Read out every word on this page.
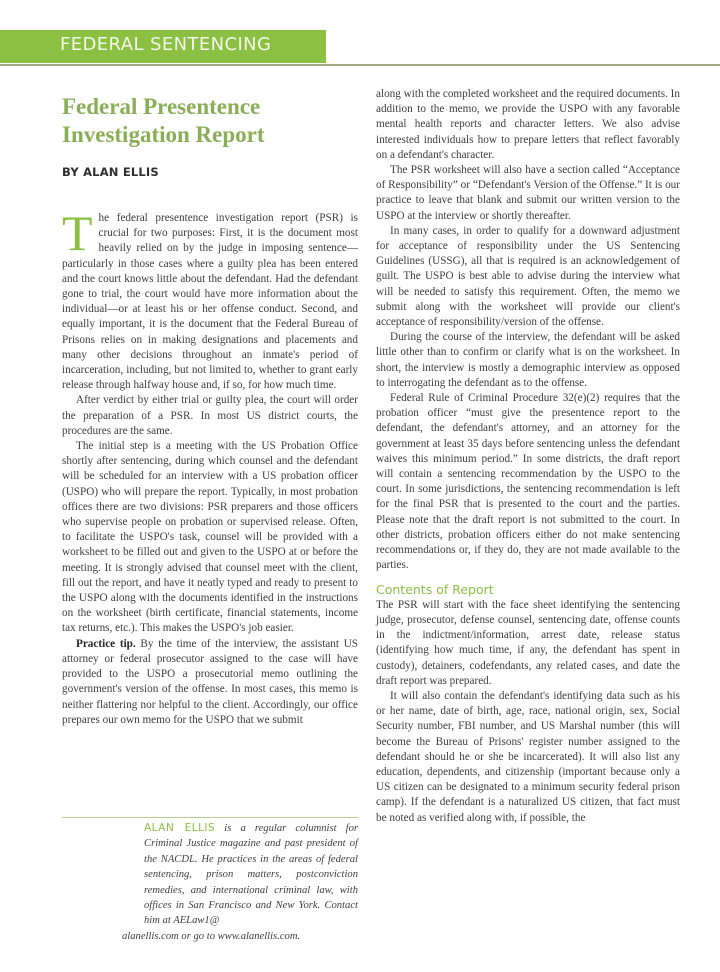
FEDERAL SENTENCING
Federal Presentence Investigation Report
BY ALAN ELLIS

The federal presentence investigation report (PSR) is crucial for two purposes: First, it is the document most heavily relied on by the judge in imposing sentence—particularly in those cases where a guilty plea has been entered and the court knows little about the defendant. Had the defendant gone to trial, the court would have more information about the individual—or at least his or her offense conduct. Second, and equally important, it is the document that the Federal Bureau of Prisons relies on in making designations and placements and many other decisions throughout an inmate's period of incarceration, including, but not limited to, whether to grant early release through halfway house and, if so, for how much time.

After verdict by either trial or guilty plea, the court will order the preparation of a PSR. In most US district courts, the procedures are the same.

The initial step is a meeting with the US Probation Office shortly after sentencing, during which counsel and the defendant will be scheduled for an interview with a US probation officer (USPO) who will prepare the report. Typically, in most probation offices there are two divisions: PSR preparers and those officers who supervise people on probation or supervised release. Often, to facilitate the USPO's task, counsel will be provided with a worksheet to be filled out and given to the USPO at or before the meeting. It is strongly advised that counsel meet with the client, fill out the report, and have it neatly typed and ready to present to the USPO along with the documents identified in the instructions on the worksheet (birth certificate, financial statements, income tax returns, etc.). This makes the USPO's job easier.

Practice tip. By the time of the interview, the assistant US attorney or federal prosecutor assigned to the case will have provided to the USPO a prosecutorial memo outlining the government's version of the offense. In most cases, this memo is neither flattering nor helpful to the client. Accordingly, our office prepares our own memo for the USPO that we submit

ALAN ELLIS is a regular columnist for Criminal Justice magazine and past president of the NACDL. He practices in the areas of federal sentencing, prison matters, postconviction remedies, and international criminal law, with offices in San Francisco and New York. Contact him at AELaw1@
alanellis.com or go to www.alanellis.com.

along with the completed worksheet and the required documents. In addition to the memo, we provide the USPO with any favorable mental health reports and character letters. We also advise interested individuals how to prepare letters that reflect favorably on a defendant's character.

The PSR worksheet will also have a section called “Acceptance of Responsibility” or “Defendant's Version of the Offense.” It is our practice to leave that blank and submit our written version to the USPO at the interview or shortly thereafter.

In many cases, in order to qualify for a downward adjustment for acceptance of responsibility under the US Sentencing Guidelines (USSG), all that is required is an acknowledgement of guilt. The USPO is best able to advise during the interview what will be needed to satisfy this requirement. Often, the memo we submit along with the worksheet will provide our client's acceptance of responsibility/version of the offense.

During the course of the interview, the defendant will be asked little other than to confirm or clarify what is on the worksheet. In short, the interview is mostly a demographic interview as opposed to interrogating the defendant as to the offense.

Federal Rule of Criminal Procedure 32(e)(2) requires that the probation officer “must give the presentence report to the defendant, the defendant's attorney, and an attorney for the government at least 35 days before sentencing unless the defendant waives this minimum period.” In some districts, the draft report will contain a sentencing recommendation by the USPO to the court. In some jurisdictions, the sentencing recommendation is left for the final PSR that is presented to the court and the parties. Please note that the draft report is not submitted to the court. In other districts, probation officers either do not make sentencing recommendations or, if they do, they are not made available to the parties.

Contents of Report

The PSR will start with the face sheet identifying the sentencing judge, prosecutor, defense counsel, sentencing date, offense counts in the indictment/information, arrest date, release status (identifying how much time, if any, the defendant has spent in custody), detainers, codefendants, any related cases, and date the draft report was prepared.

It will also contain the defendant's identifying data such as his or her name, date of birth, age, race, national origin, sex, Social Security number, FBI number, and US Marshal number (this will become the Bureau of Prisons' register number assigned to the defendant should he or she be incarcerated). It will also list any education, dependents, and citizenship (important because only a US citizen can be designated to a minimum security federal prison camp). If the defendant is a naturalized US citizen, that fact must be noted as verified along with, if possible, the
